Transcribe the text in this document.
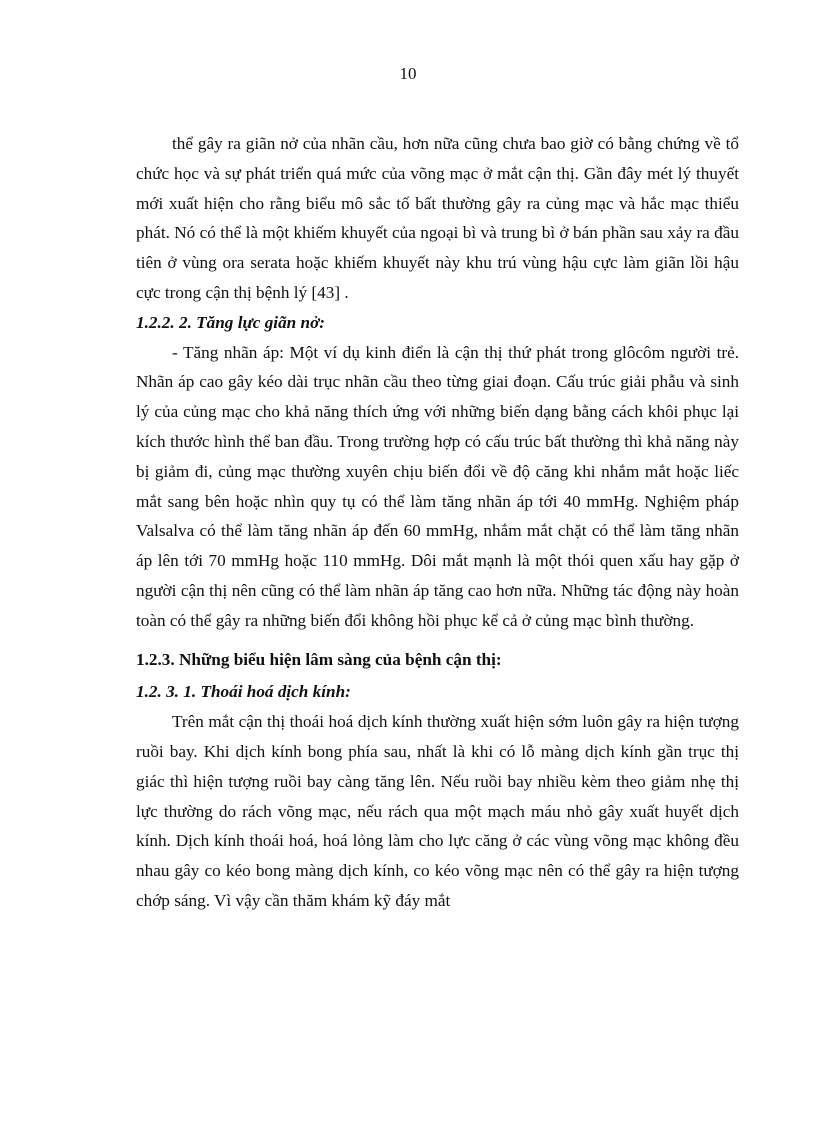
10

thể gây ra giãn nở của nhãn cầu, hơn nữa cũng chưa bao giờ có bằng chứng về tổ chức học và sự phát triển quá mức của võng mạc ở mắt cận thị. Gần đây mét lý thuyết mới xuất hiện cho rằng biểu mô sắc tố bất thường gây ra củng mạc và hắc mạc thiểu phát. Nó có thể là một khiếm khuyết của ngoại bì và trung bì ở bán phần sau xảy ra đầu tiên ở vùng ora serata hoặc khiếm khuyết này khu trú vùng hậu cực làm giãn lồi hậu cực trong cận thị bệnh lý [43] .

1.2.2. 2. Tăng lực giãn nở:

- Tăng nhãn áp: Một ví dụ kinh điển là cận thị thứ phát trong glôcôm người trẻ. Nhãn áp cao gây kéo dài trục nhãn cầu theo từng giai đoạn. Cấu trúc giải phẫu và sinh lý của củng mạc cho khả năng thích ứng với những biến dạng bằng cách khôi phục lại kích thước hình thể ban đầu. Trong trường hợp có cấu trúc bất thường thì khả năng này bị giảm đi, củng mạc thường xuyên chịu biến đổi về độ căng khi nhắm mắt hoặc liếc mắt sang bên hoặc nhìn quy tụ có thể làm tăng nhãn áp tới 40 mmHg. Nghiệm pháp Valsalva có thể làm tăng nhãn áp đến 60 mmHg, nhắm mắt chặt có thể làm tăng nhãn áp lên tới 70 mmHg hoặc 110 mmHg. Dôi mắt mạnh là một thói quen xấu hay gặp ở người cận thị nên cũng có thể làm nhãn áp tăng cao hơn nữa. Những tác động này hoàn toàn có thể gây ra những biến đổi không hồi phục kể cả ở củng mạc bình thường.

1.2.3. Những biểu hiện lâm sàng của bệnh cận thị:

1.2. 3. 1. Thoái hoá dịch kính:

Trên mắt cận thị thoái hoá dịch kính thường xuất hiện sớm luôn gây ra hiện tượng ruồi bay. Khi dịch kính bong phía sau, nhất là khi có lỗ màng dịch kính gần trục thị giác thì hiện tượng ruồi bay càng tăng lên. Nếu ruồi bay nhiều kèm theo giảm nhẹ thị lực thường do rách võng mạc, nếu rách qua một mạch máu nhỏ gây xuất huyết dịch kính. Dịch kính thoái hoá, hoá lỏng làm cho lực căng ở các vùng võng mạc không đều nhau gây co kéo bong màng dịch kính, co kéo võng mạc nên có thể gây ra hiện tượng chớp sáng. Vì vậy cần thăm khám kỹ đáy mắt
